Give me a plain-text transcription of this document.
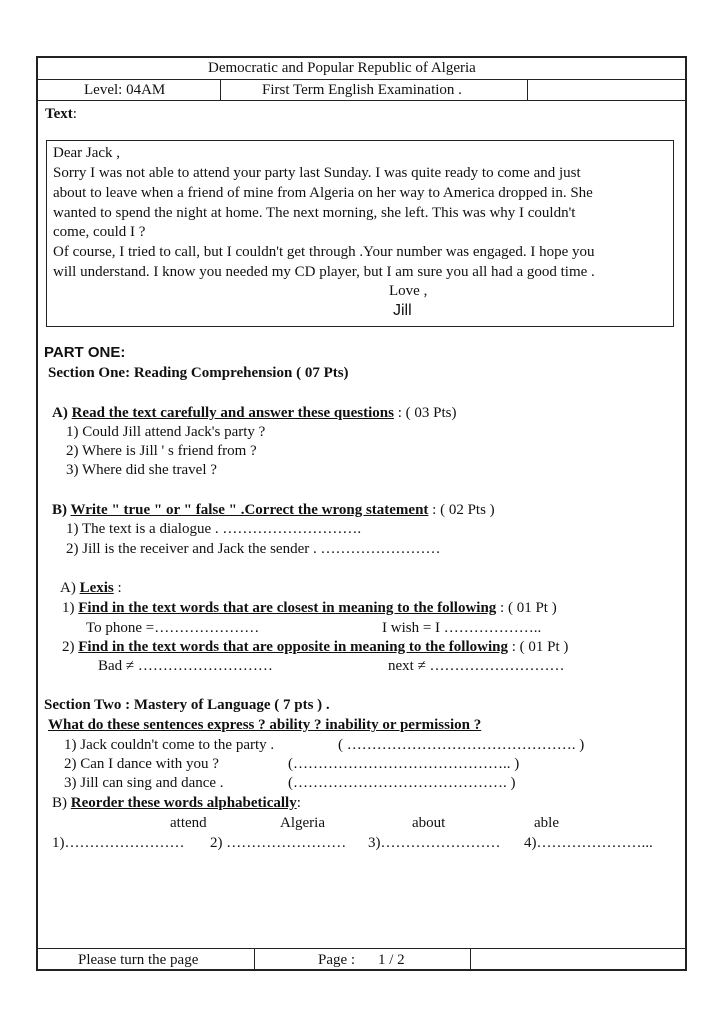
Democratic and Popular Republic of Algeria
Level: 04AM	First Term English Examination .
Text:
Dear Jack ,
Sorry I was not able to attend your party last Sunday. I was quite ready to come and just
about to leave when a friend of mine from Algeria on her way to America dropped in. She
wanted to spend the night at home. The next morning, she left. This was why I couldn't
come, could I ?
Of course, I tried to call, but I couldn't get through .Your number was engaged. I hope you
will understand. I know you needed my CD player, but I am sure you all had a good time .
Love ,
Jill
PART ONE:
Section One: Reading Comprehension ( 07 Pts)
A) Read the text carefully and answer these questions : ( 03 Pts)
1) Could Jill attend Jack's party ?
2) Where is Jill ' s friend from ?
3) Where did she travel ?
B) Write " true " or " false " .Correct the wrong statement : ( 02 Pts )
1) The text is a dialogue . ……………………….
2) Jill is the receiver and Jack the sender . ……………………
A) Lexis :
1) Find in the text words that are closest in meaning to the following : ( 01 Pt )
To phone =…………………	I wish = I ………………..
2) Find in the text words that are opposite in meaning to the following : ( 01 Pt )
Bad ≠ ………………………	next ≠ ………………………
Section Two : Mastery of Language ( 7 pts ) .
What do these sentences express ? ability ? inability or permission ?
1) Jack couldn't come to the party .	( ………………………………………. )
2) Can I dance with you ?	(…………………………………….. )
3) Jill can sing and dance .	(……………………………………. )
B) Reorder these words alphabetically:
attend	Algeria	about	able
1)…………………… 2) …………………… 3)…………………… 4)…………………...
Please turn the page	Page : 1 / 2
